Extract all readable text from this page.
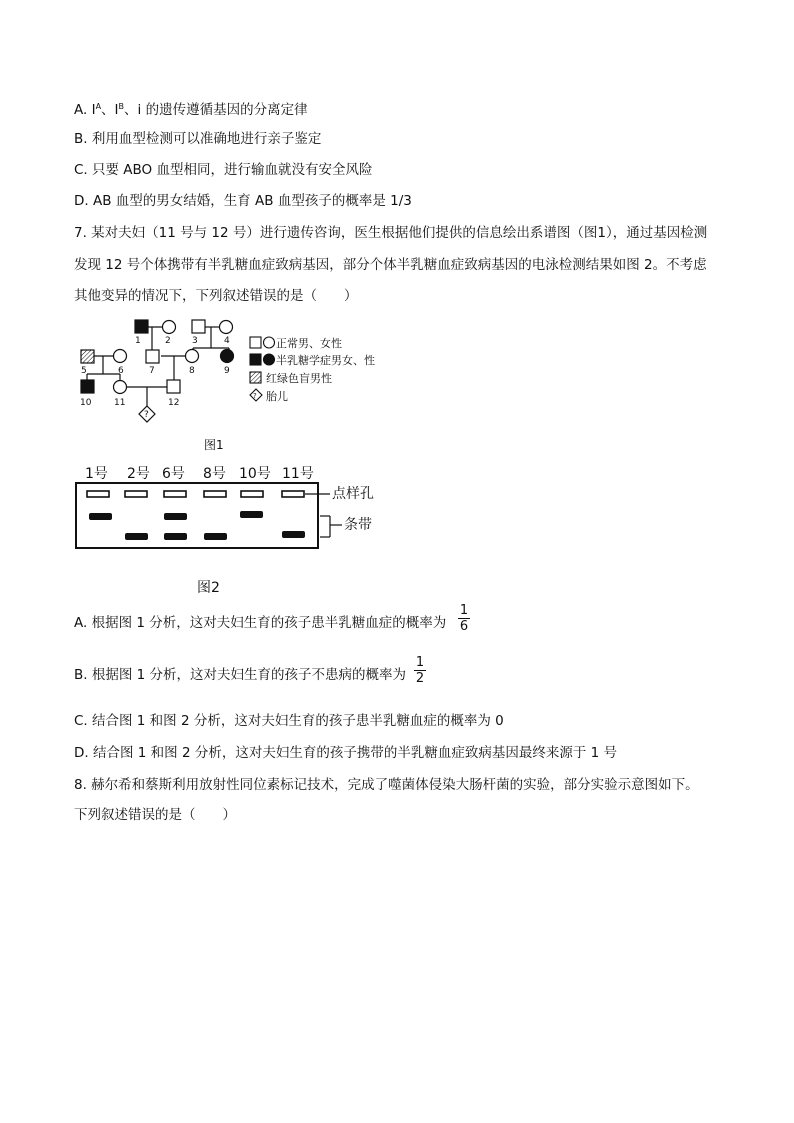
A. $I^A$、$I^B$、i 的遗传遵循基因的分离定律
B. 利用血型检测可以准确地进行亲子鉴定
C. 只要 ABO 血型相同，进行输血就没有安全风险
D. AB 血型的男女结婚，生育 AB 血型孩子的概率是 1/3
7. 某对夫妇（11 号与 12 号）进行遗传咨询，医生根据他们提供的信息绘出系谱图（图1），通过基因检测
发现 12 号个体携带有半乳糖血症致病基因，部分个体半乳糖血症致病基因的电泳检测结果如图 2。不考虑
其他变异的情况下，下列叙述错误的是（　　）
1	2 3	4
5	6	7	8	9
10	11	12
?
正常男、女性
半乳糖学症男女、性
红绿色盲男性
? 胎儿
图1
1号 2号 6号 8号 10号 11号
点样孔
条带
图2
A. 根据图 1 分析，这对夫妇生育的孩子患半乳糖血症的概率为
1
6
B. 根据图 1 分析，这对夫妇生育的孩子不患病的概率为
1
2
C. 结合图 1 和图 2 分析，这对夫妇生育的孩子患半乳糖血症的概率为 0
D. 结合图 1 和图 2 分析，这对夫妇生育的孩子携带的半乳糖血症致病基因最终来源于 1 号
8. 赫尔希和蔡斯利用放射性同位素标记技术，完成了噬菌体侵染大肠杆菌的实验，部分实验示意图如下。
下列叙述错误的是（　　）
